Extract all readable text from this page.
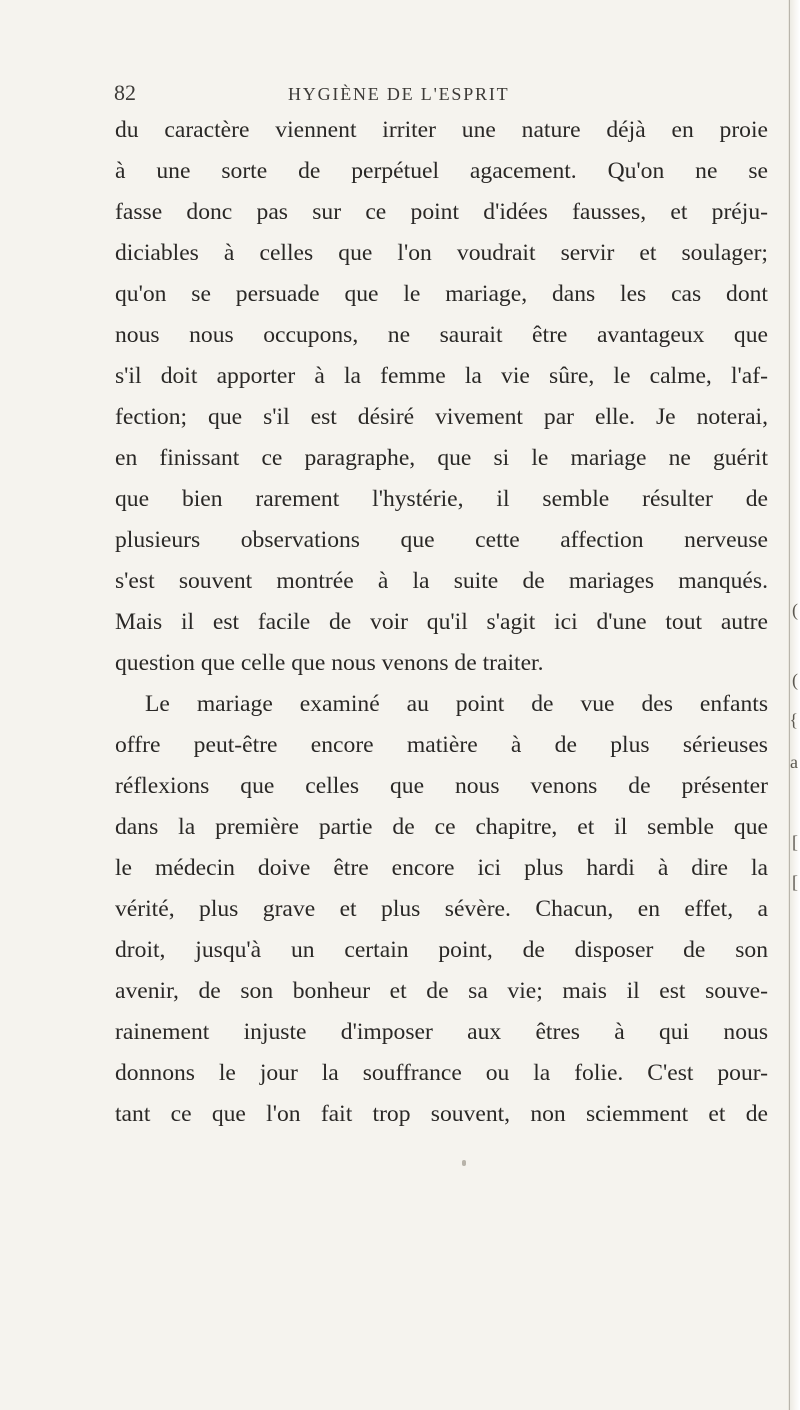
82	HYGIÈNE DE L'ESPRIT
du caractère viennent irriter une nature déjà en proie
à une sorte de perpétuel agacement. Qu'on ne se
fasse donc pas sur ce point d'idées fausses, et préju-
diciables à celles que l'on voudrait servir et soulager;
qu'on se persuade que le mariage, dans les cas dont
nous nous occupons, ne saurait être avantageux que
s'il doit apporter à la femme la vie sûre, le calme, l'af-
fection; que s'il est désiré vivement par elle. Je noterai,
en finissant ce paragraphe, que si le mariage ne guérit
que bien rarement l'hystérie, il semble résulter de
plusieurs observations que cette affection nerveuse
s'est souvent montrée à la suite de mariages manqués.
Mais il est facile de voir qu'il s'agit ici d'une tout autre
question que celle que nous venons de traiter.
Le mariage examiné au point de vue des enfants
offre peut-être encore matière à de plus sérieuses
réflexions que celles que nous venons de présenter
dans la première partie de ce chapitre, et il semble que
le médecin doive être encore ici plus hardi à dire la
vérité, plus grave et plus sévère. Chacun, en effet, a
droit, jusqu'à un certain point, de disposer de son
avenir, de son bonheur et de sa vie; mais il est souve-
rainement injuste d'imposer aux êtres à qui nous
donnons le jour la souffrance ou la folie. C'est pour-
tant ce que l'on fait trop souvent, non sciemment et de
(
(
{
a
[
[
